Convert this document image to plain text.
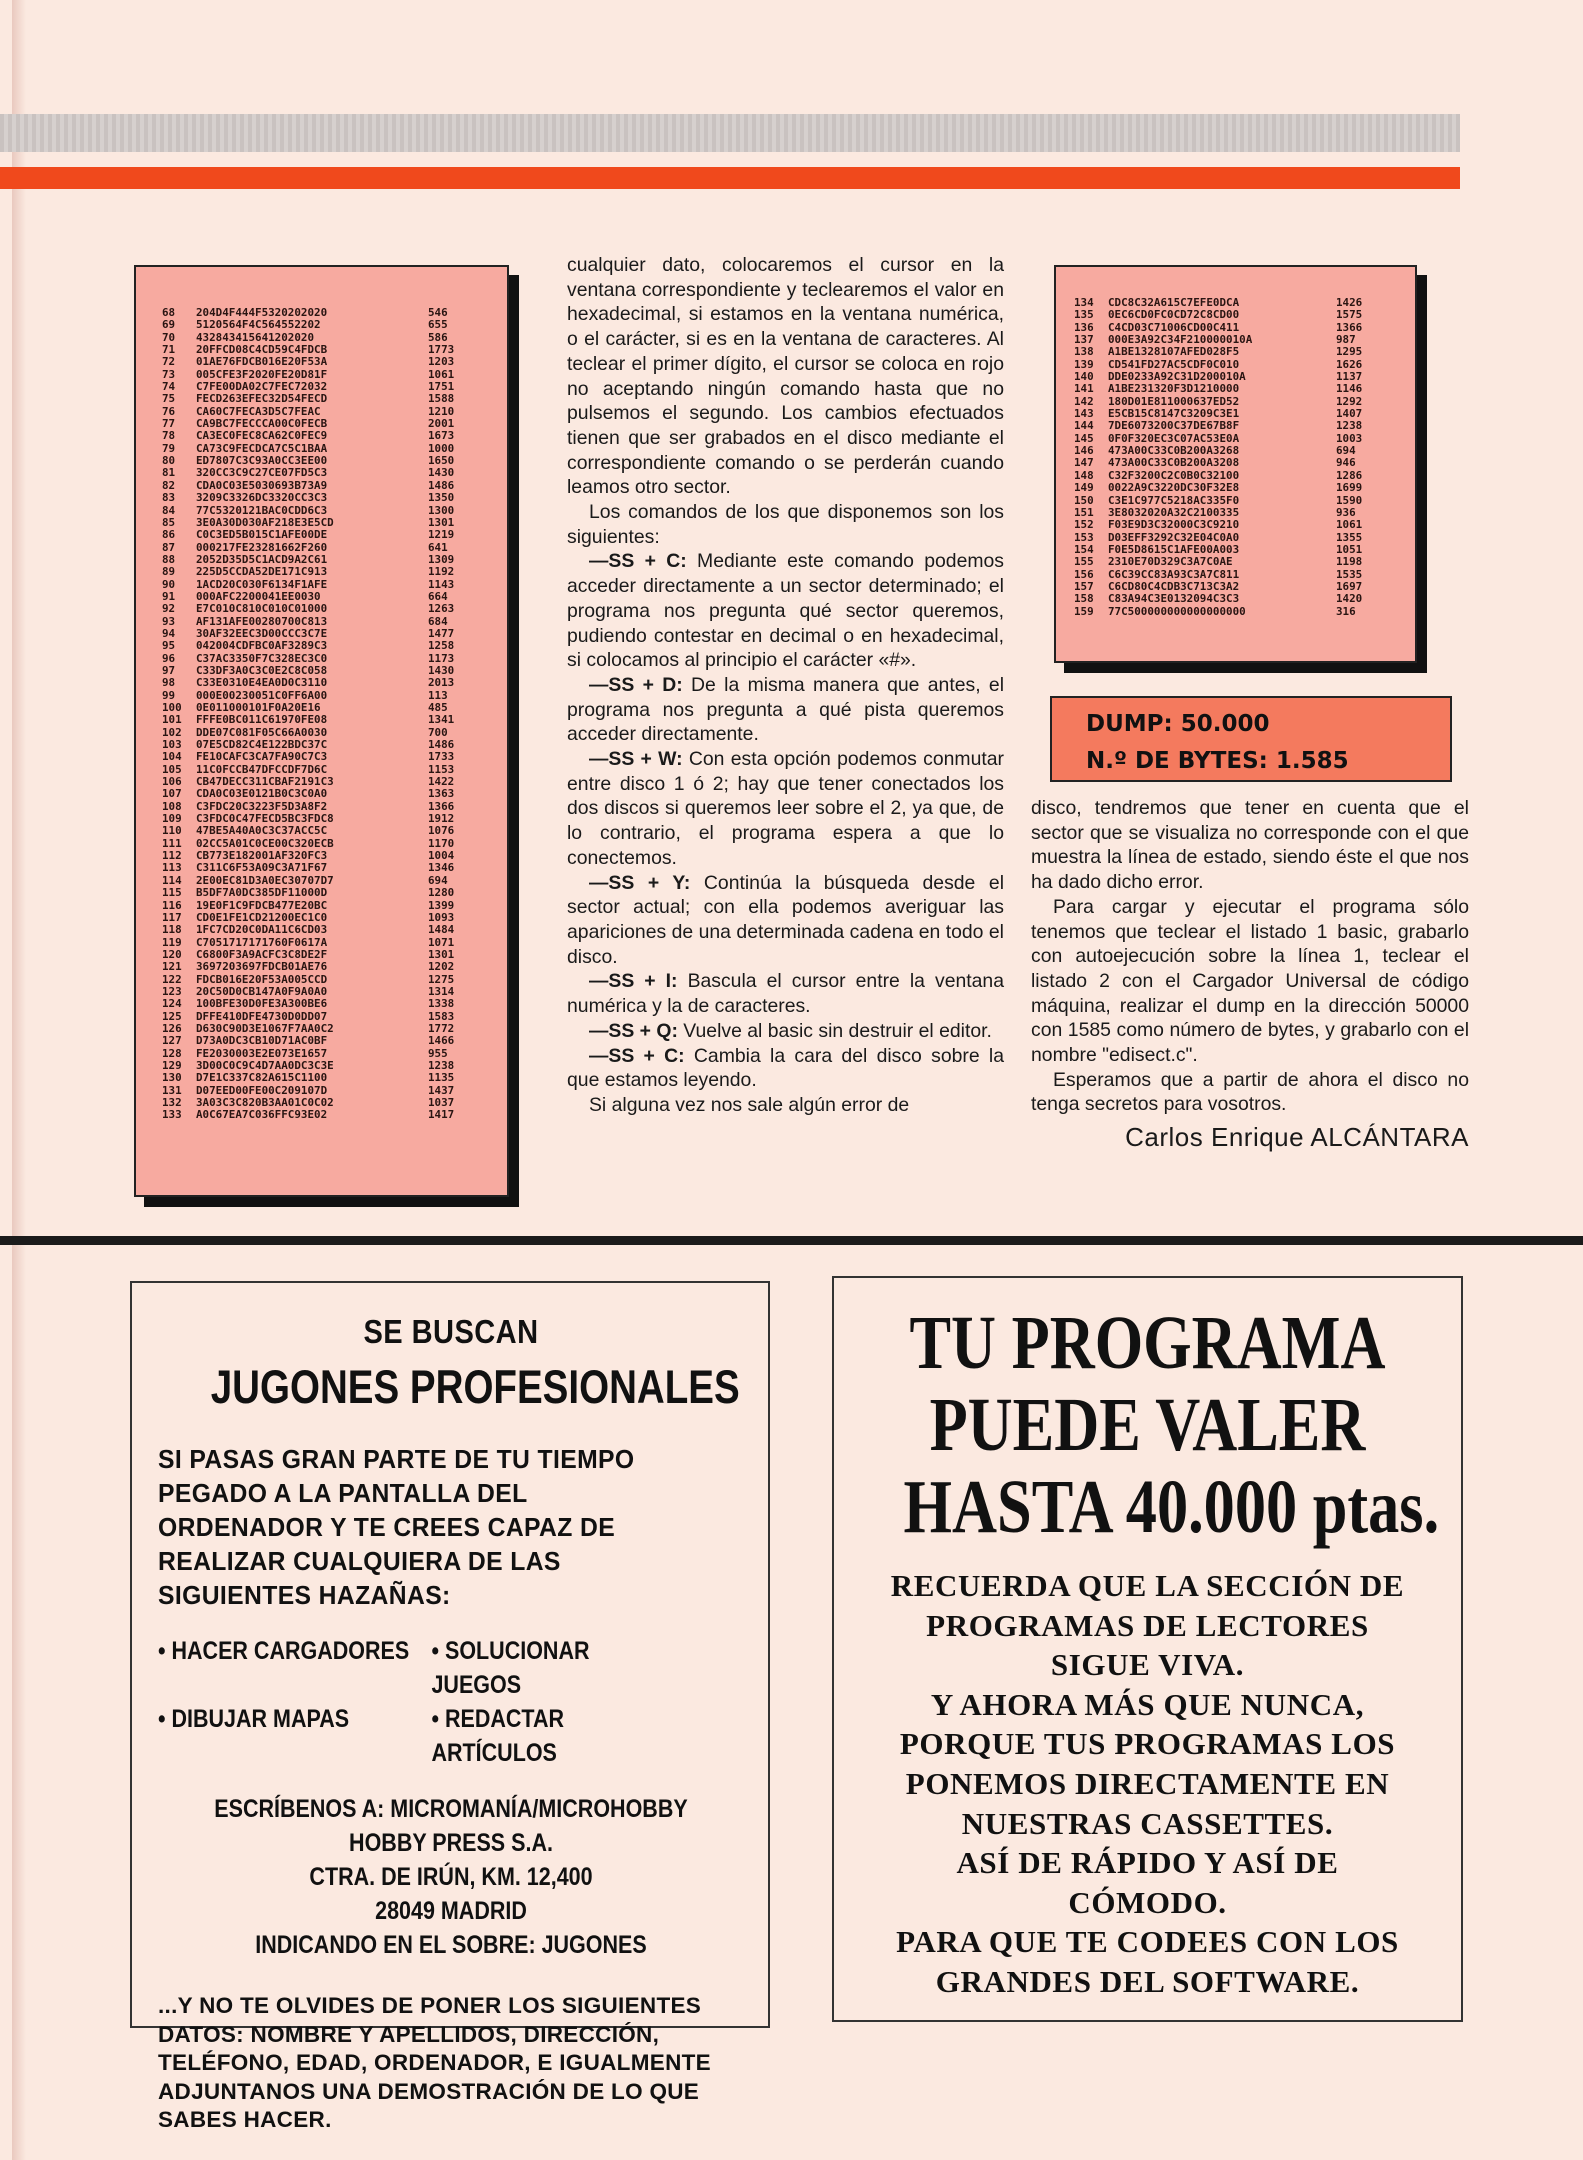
68	204D4F444F5320202020	546
69	5120564F4C564552202	655
70	432843415641202020	586
71	20FFCD08C4CD59C4FDCB	1773
72	01AE76FDCB016E20F53A	1203
73	005CFE3F2020FE20D81F	1061
74	C7FE00DA02C7FEC72032	1751
75	FECD263EFEC32D54FECD	1588
76	CA60C7FECA3D5C7FEAC	1210
77	CA9BC7FECCCA00C0FECB	2001
78	CA3EC0FEC8CA62C0FEC9	1673
79	CA73C9FECDCA7C5C1BAA	1000
80	ED7807C3C93A0CC3EE00	1650
81	320CC3C9C27CE07FD5C3	1430
82	CDA0C03E5030693B73A9	1486
83	3209C3326DC3320CC3C3	1350
84	77C5320121BAC0CDD6C3	1300
85	3E0A30D030AF218E3E5CD	1301
86	C0C3ED5B015C1AFE00DE	1219
87	000217FE23281662F260	641
88	2052D35D5C1ACD9A2C61	1309
89	225D5CCDA52DE171C913	1192
90	1ACD20C030F6134F1AFE	1143
91	000AFC2200041EE0030	664
92	E7C010C810C010C01000	1263
93	AF131AFE00280700C813	684
94	30AF32EEC3D00CCC3C7E	1477
95	042004CDFBC0AF3289C3	1258
96	C37AC3350F7C328EC3C0	1173
97	C33DF3A0C3C0E2C8C058	1430
98	C33E0310E4EA0D0C3110	2013
99	000E00230051C0FF6A00	113
100	0E011000101F0A20E16	485
101	FFFE0BC011C61970FE08	1341
102	DDE07C081F05C66A0030	700
103	07E5CD82C4E122BDC37C	1486
104	FE10CAFC3CA7FA90C7C3	1733
105	11C0FCCB47DFCCDF7D6C	1153
106	CB47DECC311CBAF2191C3	1422
107	CDA0C03E0121B0C3C0A0	1363
108	C3FDC20C3223F5D3A8F2	1366
109	C3FDC0C47FECD5BC3FDC8	1912
110	47BE5A40A0C3C37ACC5C	1076
111	02CC5A01C0CE00C320ECB	1170
112	CB773E182001AF320FC3	1004
113	C311C6F53A09C3A71F67	1346
114	2E00EC81D3A0EC30707D7	694
115	B5DF7A0DC385DF11000D	1280
116	19E0F1C9FDCB477E20BC	1399
117	CD0E1FE1CD21200EC1C0	1093
118	1FC7CD20C0DA11C6CD03	1484
119	C7051717171760F0617A	1071
120	C6800F3A9ACFC3C8DE2F	1301
121	3697203697FDCB01AE76	1202
122	FDCB016E20F53A005CCD	1275
123	20C50D0CB147A0F9A0A0	1314
124	100BFE30D0FE3A300BE6	1338
125	DFFE410DFE4730D0DD07	1583
126	D630C90D3E1067F7AA0C2	1772
127	D73A0DC3CB10D71AC0BF	1466
128	FE2030003E2E073E1657	955
129	3D00C0C9C4D7AA0DC3C3E	1238
130	D7E1C337C82A615C1100	1135
131	D07EED00FE00C209107D	1437
132	3A03C3C820B3AA01C0C02	1037
133	A0C67EA7C036FFC93E02	1417
134	CDC8C32A615C7EFE0DCA	1426
135	0EC6CD0FC0CD72C8CD00	1575
136	C4CD03C71006CD00C411	1366
137	000E3A92C34F210000010A	987
138	A1BE1328107AFED028F5	1295
139	CD541FD27AC5CDF0C010	1626
140	DDE0233A92C31D200010A	1137
141	A1BE231320F3D1210000	1146
142	180D01E811000637ED52	1292
143	E5CB15C8147C3209C3E1	1407
144	7DE6073200C37DE67B8F	1238
145	0F0F320EC3C07AC53E0A	1003
146	473A00C33C0B200A3268	694
147	473A00C33C0B200A3208	946
148	C32F3200C2C0B0C32100	1286
149	0022A9C3220DC30F32E8	1699
150	C3E1C977C5218AC335F0	1590
151	3E8032020A32C2100335	936
152	F03E9D3C32000C3C9210	1061
153	D03EFF3292C32E04C0A0	1355
154	F0E5D8615C1AFE00A003	1051
155	2310E70D329C3A7C0AE	1198
156	C6C39CC83A93C3A7C811	1535
157	C6CD80C4CDB3C713C3A2	1697
158	C83A94C3E0132094C3C3	1420
159	77C500000000000000000	316

cualquier dato, colocaremos el cursor en la ventana correspondiente y teclearemos el valor en hexadecimal, si estamos en la ventana numérica, o el carácter, si es en la ventana de caracteres. Al teclear el primer dígito, el cursor se coloca en rojo no aceptando ningún comando hasta que no pulsemos el segundo. Los cambios efectuados tienen que ser grabados en el disco mediante el correspondiente comando o se perderán cuando leamos otro sector.

Los comandos de los que disponemos son los siguientes:

—SS + C: Mediante este comando podemos acceder directamente a un sector determinado; el programa nos pregunta qué sector queremos, pudiendo contestar en decimal o en hexadecimal, si colocamos al principio el carácter «#».

—SS + D: De la misma manera que antes, el programa nos pregunta a qué pista queremos acceder directamente.

—SS + W: Con esta opción podemos conmutar entre disco 1 ó 2; hay que tener conectados los dos discos si queremos leer sobre el 2, ya que, de lo contrario, el programa espera a que lo conectemos.

—SS + Y: Continúa la búsqueda desde el sector actual; con ella podemos averiguar las apariciones de una determinada cadena en todo el disco.

—SS + I: Bascula el cursor entre la ventana numérica y la de caracteres.

—SS + Q: Vuelve al basic sin destruir el editor.

—SS + C: Cambia la cara del disco sobre la que estamos leyendo.

Si alguna vez nos sale algún error de

DUMP: 50.000
N.º DE BYTES: 1.585

disco, tendremos que tener en cuenta que el sector que se visualiza no corresponde con el que muestra la línea de estado, siendo éste el que nos ha dado dicho error.

Para cargar y ejecutar el programa sólo tenemos que teclear el listado 1 basic, grabarlo con autoejecución sobre la línea 1, teclear el listado 2 con el Cargador Universal de código máquina, realizar el dump en la dirección 50000 con 1585 como número de bytes, y grabarlo con el nombre "edisect.c".

Esperamos que a partir de ahora el disco no tenga secretos para vosotros.

Carlos Enrique ALCÁNTARA
SE BUSCAN
JUGONES PROFESIONALES
SI PASAS GRAN PARTE DE TU TIEMPO PEGADO A LA PANTALLA DEL ORDENADOR Y TE CREES CAPAZ DE REALIZAR CUALQUIERA DE LAS SIGUIENTES HAZAÑAS:
• HACER CARGADORES • SOLUCIONAR JUEGOS
• DIBUJAR MAPAS	• REDACTAR ARTÍCULOS
ESCRÍBENOS A: MICROMANÍA/MICROHOBBY
HOBBY PRESS S.A.
CTRA. DE IRÚN, KM. 12,400
28049 MADRID
INDICANDO EN EL SOBRE: JUGONES
...Y NO TE OLVIDES DE PONER LOS SIGUIENTES DATOS: NOMBRE Y APELLIDOS, DIRECCIÓN, TELÉFONO, EDAD, ORDENADOR, E IGUALMENTE ADJUNTANOS UNA DEMOSTRACIÓN DE LO QUE SABES HACER.
TU PROGRAMA
PUEDE VALER
HASTA 40.000 ptas.
RECUERDA QUE LA SECCIÓN DE
PROGRAMAS DE LECTORES
SIGUE VIVA.
Y AHORA MÁS QUE NUNCA,
PORQUE TUS PROGRAMAS LOS
PONEMOS DIRECTAMENTE EN
NUESTRAS CASSETTES.
ASÍ DE RÁPIDO Y ASÍ DE
CÓMODO.
PARA QUE TE CODEES CON LOS
GRANDES DEL SOFTWARE.
